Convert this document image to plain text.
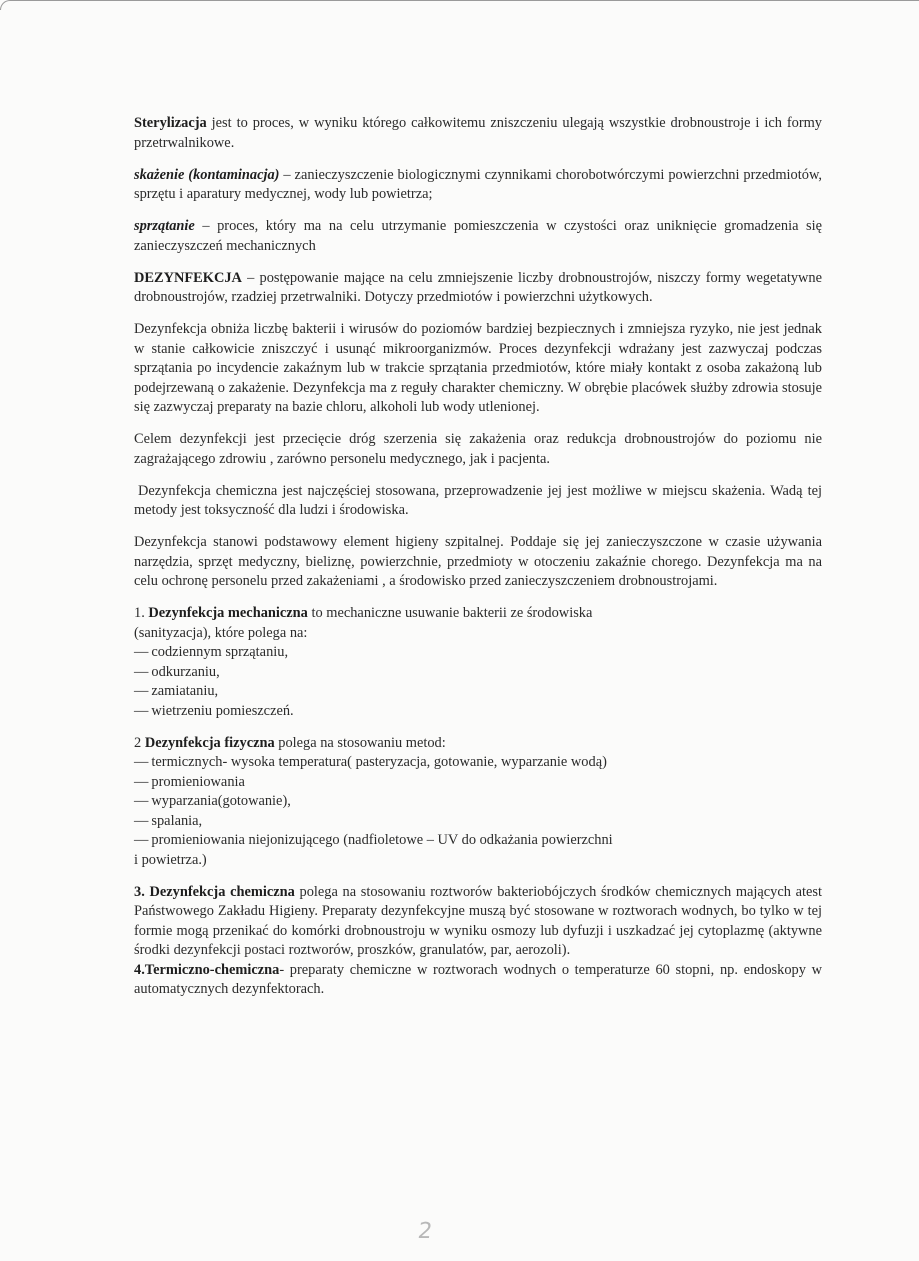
Sterylizacja jest to proces, w wyniku którego całkowitemu zniszczeniu ulegają wszystkie drobnoustroje i ich formy przetrwalnikowe.

skażenie (kontaminacja) – zanieczyszczenie biologicznymi czynnikami chorobotwórczymi powierzchni przedmiotów, sprzętu i aparatury medycznej, wody lub powietrza;

sprzątanie – proces, który ma na celu utrzymanie pomieszczenia w czystości oraz uniknięcie gromadzenia się zanieczyszczeń mechanicznych

DEZYNFEKCJA – postępowanie mające na celu zmniejszenie liczby drobnoustrojów, niszczy formy wegetatywne drobnoustrojów, rzadziej przetrwalniki. Dotyczy przedmiotów i powierzchni użytkowych.

Dezynfekcja obniża liczbę bakterii i wirusów do poziomów bardziej bezpiecznych i zmniejsza ryzyko, nie jest jednak w stanie całkowicie zniszczyć i usunąć mikroorganizmów. Proces dezynfekcji wdrażany jest zazwyczaj podczas sprzątania po incydencie zakaźnym lub w trakcie sprzątania przedmiotów, które miały kontakt z osoba zakażoną lub podejrzewaną o zakażenie. Dezynfekcja ma z reguły charakter chemiczny. W obrębie placówek służby zdrowia stosuje się zazwyczaj preparaty na bazie chloru, alkoholi lub wody utlenionej.

Celem dezynfekcji jest przecięcie dróg szerzenia się zakażenia oraz redukcja drobnoustrojów do poziomu nie zagrażającego zdrowiu , zarówno personelu medycznego, jak i pacjenta.

Dezynfekcja chemiczna jest najczęściej stosowana, przeprowadzenie jej jest możliwe w miejscu skażenia. Wadą tej metody jest toksyczność dla ludzi i środowiska.

Dezynfekcja stanowi podstawowy element higieny szpitalnej. Poddaje się jej zanieczyszczone w czasie używania narzędzia, sprzęt medyczny, bieliznę, powierzchnie, przedmioty w otoczeniu zakaźnie chorego. Dezynfekcja ma na celu ochronę personelu przed zakażeniami , a środowisko przed zanieczyszczeniem drobnoustrojami.

1. Dezynfekcja mechaniczna to mechaniczne usuwanie bakterii ze środowiska

(sanityzacja), które polega na:

— codziennym sprzątaniu,
— odkurzaniu,
— zamiataniu,
— wietrzeniu pomieszczeń.

2 Dezynfekcja fizyczna polega na stosowaniu metod:

— termicznych- wysoka temperatura( pasteryzacja, gotowanie, wyparzanie wodą)
— promieniowania
— wyparzania(gotowanie),
— spalania,
— promieniowania niejonizującego (nadfioletowe – UV do odkażania powierzchni

i powietrza.)

3. Dezynfekcja chemiczna polega na stosowaniu roztworów bakteriobójczych środków chemicznych mających atest Państwowego Zakładu Higieny. Preparaty dezynfekcyjne muszą być stosowane w roztworach wodnych, bo tylko w tej formie mogą przenikać do komórki drobnoustroju w wyniku osmozy lub dyfuzji i uszkadzać jej cytoplazmę (aktywne środki dezynfekcji postaci roztworów, proszków, granulatów, par, aerozoli).

4.Termiczno-chemiczna- preparaty chemiczne w roztworach wodnych o temperaturze 60 stopni, np. endoskopy w automatycznych dezynfektorach.

2
